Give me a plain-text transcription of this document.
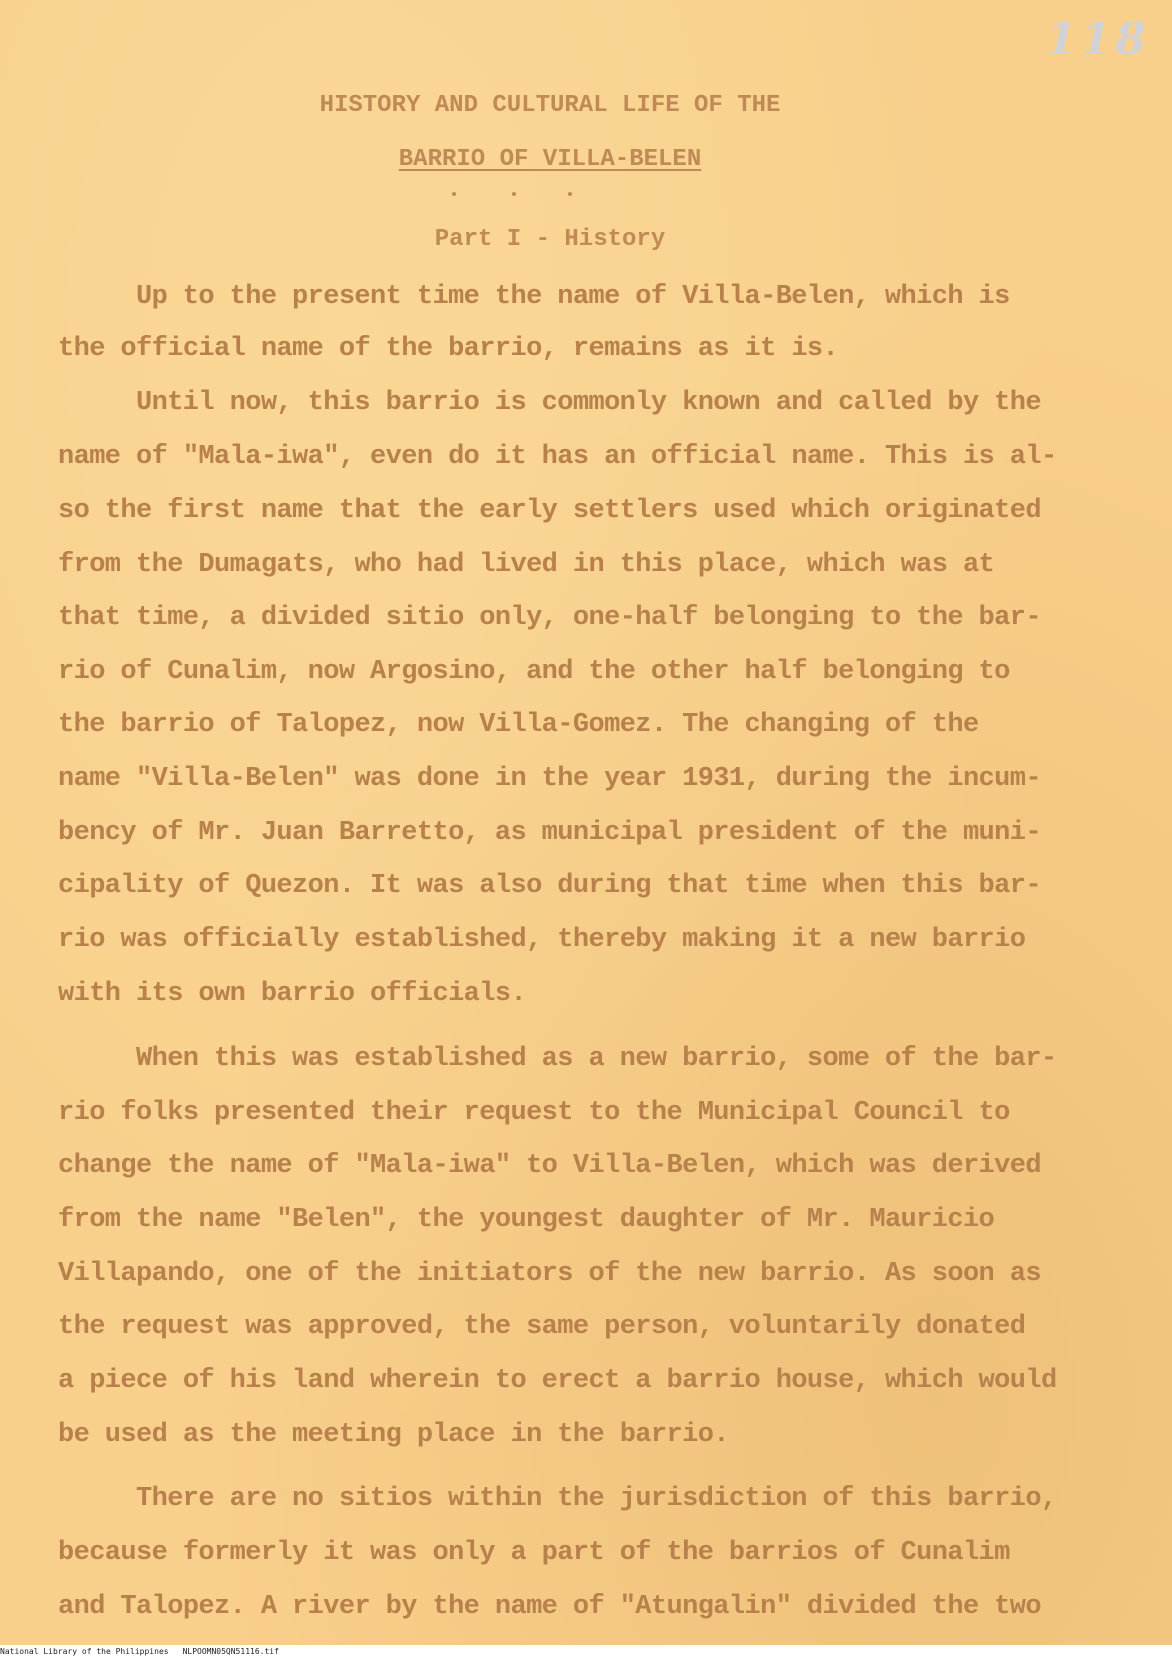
118
HISTORY AND CULTURAL LIFE OF THE
BARRIO OF VILLA-BELEN
Part I - History
Up to the present time the name of Villa-Belen, which is
the official name of the barrio, remains as it is.
Until now, this barrio is commonly known and called by the
name of "Mala-iwa", even do it has an official name. This is al-
so the first name that the early settlers used which originated
from the Dumagats, who had lived in this place, which was at
that time, a divided sitio only, one-half belonging to the bar-
rio of Cunalim, now Argosino, and the other half belonging to
the barrio of Talopez, now Villa-Gomez. The changing of the
name "Villa-Belen" was done in the year 1931, during the incum-
bency of Mr. Juan Barretto, as municipal president of the muni-
cipality of Quezon. It was also during that time when this bar-
rio was officially established, thereby making it a new barrio
with its own barrio officials.
When this was established as a new barrio, some of the bar-
rio folks presented their request to the Municipal Council to
change the name of "Mala-iwa" to Villa-Belen, which was derived
from the name "Belen", the youngest daughter of Mr. Mauricio
Villapando, one of the initiators of the new barrio. As soon as
the request was approved, the same person, voluntarily donated
a piece of his land wherein to erect a barrio house, which would
be used as the meeting place in the barrio.
There are no sitios within the jurisdiction of this barrio,
because formerly it was only a part of the barrios of Cunalim
and Talopez. A river by the name of "Atungalin" divided the two
National Library of the Philippines NLPOOMN05QN51116.tif
